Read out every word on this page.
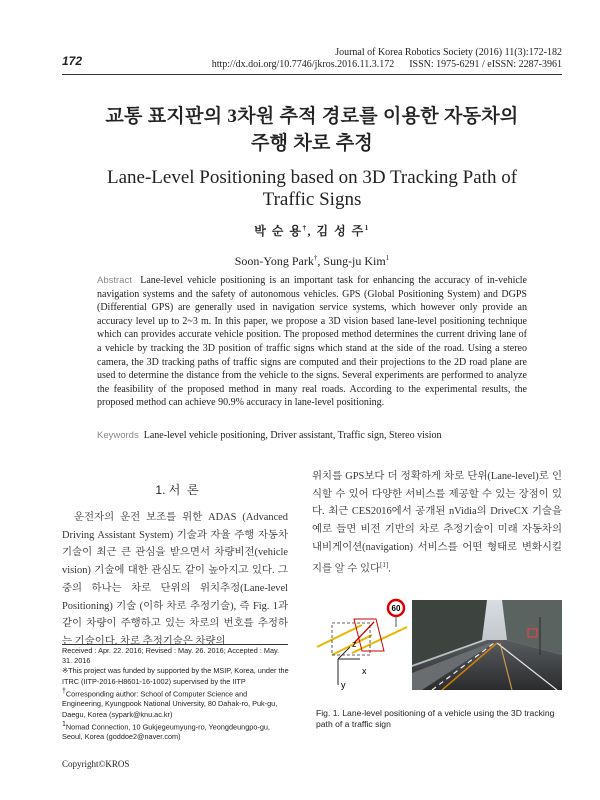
172
Journal of Korea Robotics Society (2016) 11(3):172-182
http://dx.doi.org/10.7746/jkros.2016.11.3.172      ISSN: 1975-6291 / eISSN: 2287-3961
교통 표지판의 3차원 추적 경로를 이용한 자동차의
주행 차로 추정
Lane-Level Positioning based on 3D Tracking Path of
Traffic Signs
박 순 용†, 김 성 주$^1$
Soon-Yong Park†, Sung-ju Kim$^1$
Abstract Lane-level vehicle positioning is an important task for enhancing the accuracy of in-vehicle navigation systems and the safety of autonomous vehicles. GPS (Global Positioning System) and DGPS (Differential GPS) are generally used in navigation service systems, which however only provide an accuracy level up to 2~3 m. In this paper, we propose a 3D vision based lane-level positioning technique which can provides accurate vehicle position. The proposed method determines the current driving lane of a vehicle by tracking the 3D position of traffic signs which stand at the side of the road. Using a stereo camera, the 3D tracking paths of traffic signs are computed and their projections to the 2D road plane are used to determine the distance from the vehicle to the signs. Several experiments are performed to analyze the feasibility of the proposed method in many real roads. According to the experimental results, the proposed method can achieve 90.9% accuracy in lane-level positioning.
Keywords Lane-level vehicle positioning, Driver assistant, Traffic sign, Stereo vision
1. 서  론

운전자의 운전 보조를 위한 ADAS (Advanced Driving Assistant System) 기술과 자율 주행 자동차 기술이 최근 큰 관심을 받으면서 차량비전(vehicle vision) 기술에 대한 관심도 같이 높아지고 있다. 그 중의 하나는 차로 단위의 위치추정(Lane-level Positioning) 기술 (이하 차로 추정기술), 즉 Fig. 1과 같이 차량이 주행하고 있는 차로의 번호를 추정하는 기술이다. 차로 추정기술은 차량의

위치를 GPS보다 더 정확하게 차로 단위(Lane-level)로 인식할 수 있어 다양한 서비스를 제공할 수 있는 장점이 있다. 최근 CES2016에서 공개된 nVidia의 DriveCX 기술을 예로 들면 비전 기반의 차로 추정기술이 미래 자동차의 내비게이션(navigation) 서비스를 어떤 형태로 변화시킬 지를 알 수 있다[1].

Received : Apr. 22. 2016; Revised : May. 26. 2016; Accepted : May. 31. 2016

※This project was funded by supported by the MSIP, Korea, under the ITRC (IITP-2016-H8601-16-1002) supervised by the IITP

†Corresponding author: School of Computer Science and Engineering, Kyungpook National University, 80 Dahak-ro, Puk-gu, Daegu, Korea (sypark@knu.ac.kr)

$^1$Nomad Connection, 10 Gukjegeumyung-ro, Yeongdeungpo-gu, Seoul, Korea (goddoe2@naver.com)

Copyright©KROS
z
x
y
60
Fig. 1. Lane-level positioning of a vehicle using the 3D tracking path of a traffic sign
